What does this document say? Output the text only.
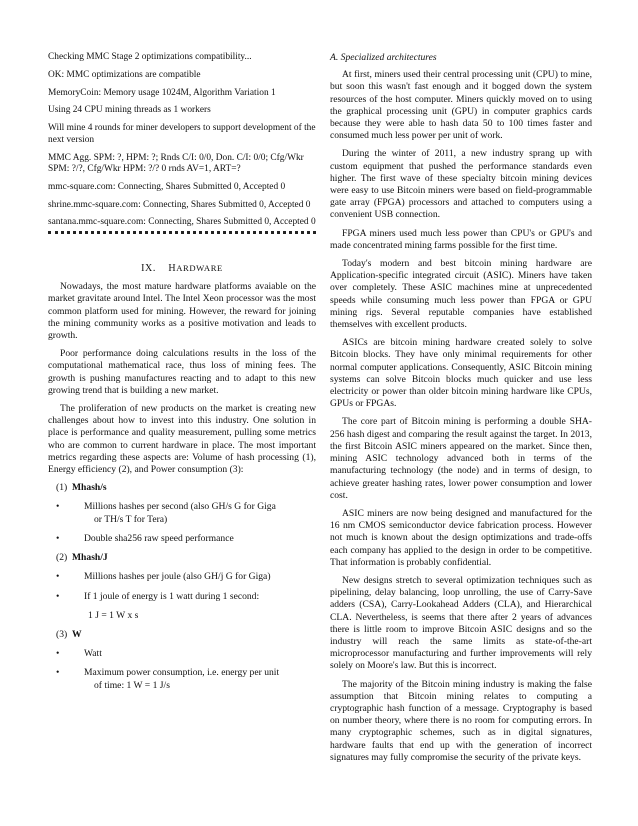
Checking MMC Stage 2 optimizations compatibility...

OK: MMC optimizations are compatible

MemoryCoin: Memory usage 1024M, Algorithm Variation 1

Using 24 CPU mining threads as 1 workers

Will mine 4 rounds for miner developers to support development of the next version

MMC Agg. SPM: ?, HPM: ?; Rnds C/I: 0/0, Don. C/I: 0/0; Cfg/Wkr SPM: ?/?, Cfg/Wkr HPM: ?/? 0 rnds AV=1, ART=?

mmc-square.com: Connecting, Shares Submitted 0, Accepted 0

shrine.mmc-square.com: Connecting, Shares Submitted 0, Accepted 0

santana.mmc-square.com: Connecting, Shares Submitted 0, Accepted 0

IX. HARDWARE

Nowadays, the most mature hardware platforms avaiable on the market gravitate around Intel. The Intel Xeon processor was the most common platform used for mining. However, the reward for joining the mining community works as a positive motivation and leads to growth.

Poor performance doing calculations results in the loss of the computational mathematical race, thus loss of mining fees. The growth is pushing manufactures reacting and to adapt to this new growing trend that is building a new market.

The proliferation of new products on the market is creating new challenges about how to invest into this industry. One solution in place is performance and quality measurement, pulling some metrics who are common to current hardware in place. The most important metrics regarding these aspects are: Volume of hash processing (1), Energy efficiency (2), and Power consumption (3):

(1) Mhash/s
•	Millions hashes per second (also GH/s G for Giga
or TH/s T for Tera)
•	Double sha256 raw speed performance
(2) Mhash/J
•	Millions hashes per joule (also GH/j G for Giga)
•	If 1 joule of energy is 1 watt during 1 second:
1 J = 1 W x s
(3) W
•	Watt
•	Maximum power consumption, i.e. energy per unit
of time: 1 W = 1 J/s
A. Specialized architectures

At first, miners used their central processing unit (CPU) to mine, but soon this wasn't fast enough and it bogged down the system resources of the host computer. Miners quickly moved on to using the graphical processing unit (GPU) in computer graphics cards because they were able to hash data 50 to 100 times faster and consumed much less power per unit of work.

During the winter of 2011, a new industry sprang up with custom equipment that pushed the performance standards even higher. The first wave of these specialty bitcoin mining devices were easy to use Bitcoin miners were based on field-programmable gate array (FPGA) processors and attached to computers using a convenient USB connection.

FPGA miners used much less power than CPU's or GPU's and made concentrated mining farms possible for the first time.

Today's modern and best bitcoin mining hardware are Application-specific integrated circuit (ASIC). Miners have taken over completely. These ASIC machines mine at unprecedented speeds while consuming much less power than FPGA or GPU mining rigs. Several reputable companies have established themselves with excellent products.

ASICs are bitcoin mining hardware created solely to solve Bitcoin blocks. They have only minimal requirements for other normal computer applications. Consequently, ASIC Bitcoin mining systems can solve Bitcoin blocks much quicker and use less electricity or power than older bitcoin mining hardware like CPUs, GPUs or FPGAs.

The core part of Bitcoin mining is performing a double SHA-256 hash digest and comparing the result against the target. In 2013, the first Bitcoin ASIC miners appeared on the market. Since then, mining ASIC technology advanced both in terms of the manufacturing technology (the node) and in terms of design, to achieve greater hashing rates, lower power consumption and lower cost.

ASIC miners are now being designed and manufactured for the 16 nm CMOS semiconductor device fabrication process. However not much is known about the design optimizations and trade-offs each company has applied to the design in order to be competitive. That information is probably confidential.

New designs stretch to several optimization techniques such as pipelining, delay balancing, loop unrolling, the use of Carry-Save adders (CSA), Carry-Lookahead Adders (CLA), and Hierarchical CLA. Nevertheless, is seems that there after 2 years of advances there is little room to improve Bitcoin ASIC designs and so the industry will reach the same limits as state-of-the-art microprocessor manufacturing and further improvements will rely solely on Moore's law. But this is incorrect.

The majority of the Bitcoin mining industry is making the false assumption that Bitcoin mining relates to computing a cryptographic hash function of a message. Cryptography is based on number theory, where there is no room for computing errors. In many cryptographic schemes, such as in digital signatures, hardware faults that end up with the generation of incorrect signatures may fully compromise the security of the private keys.
